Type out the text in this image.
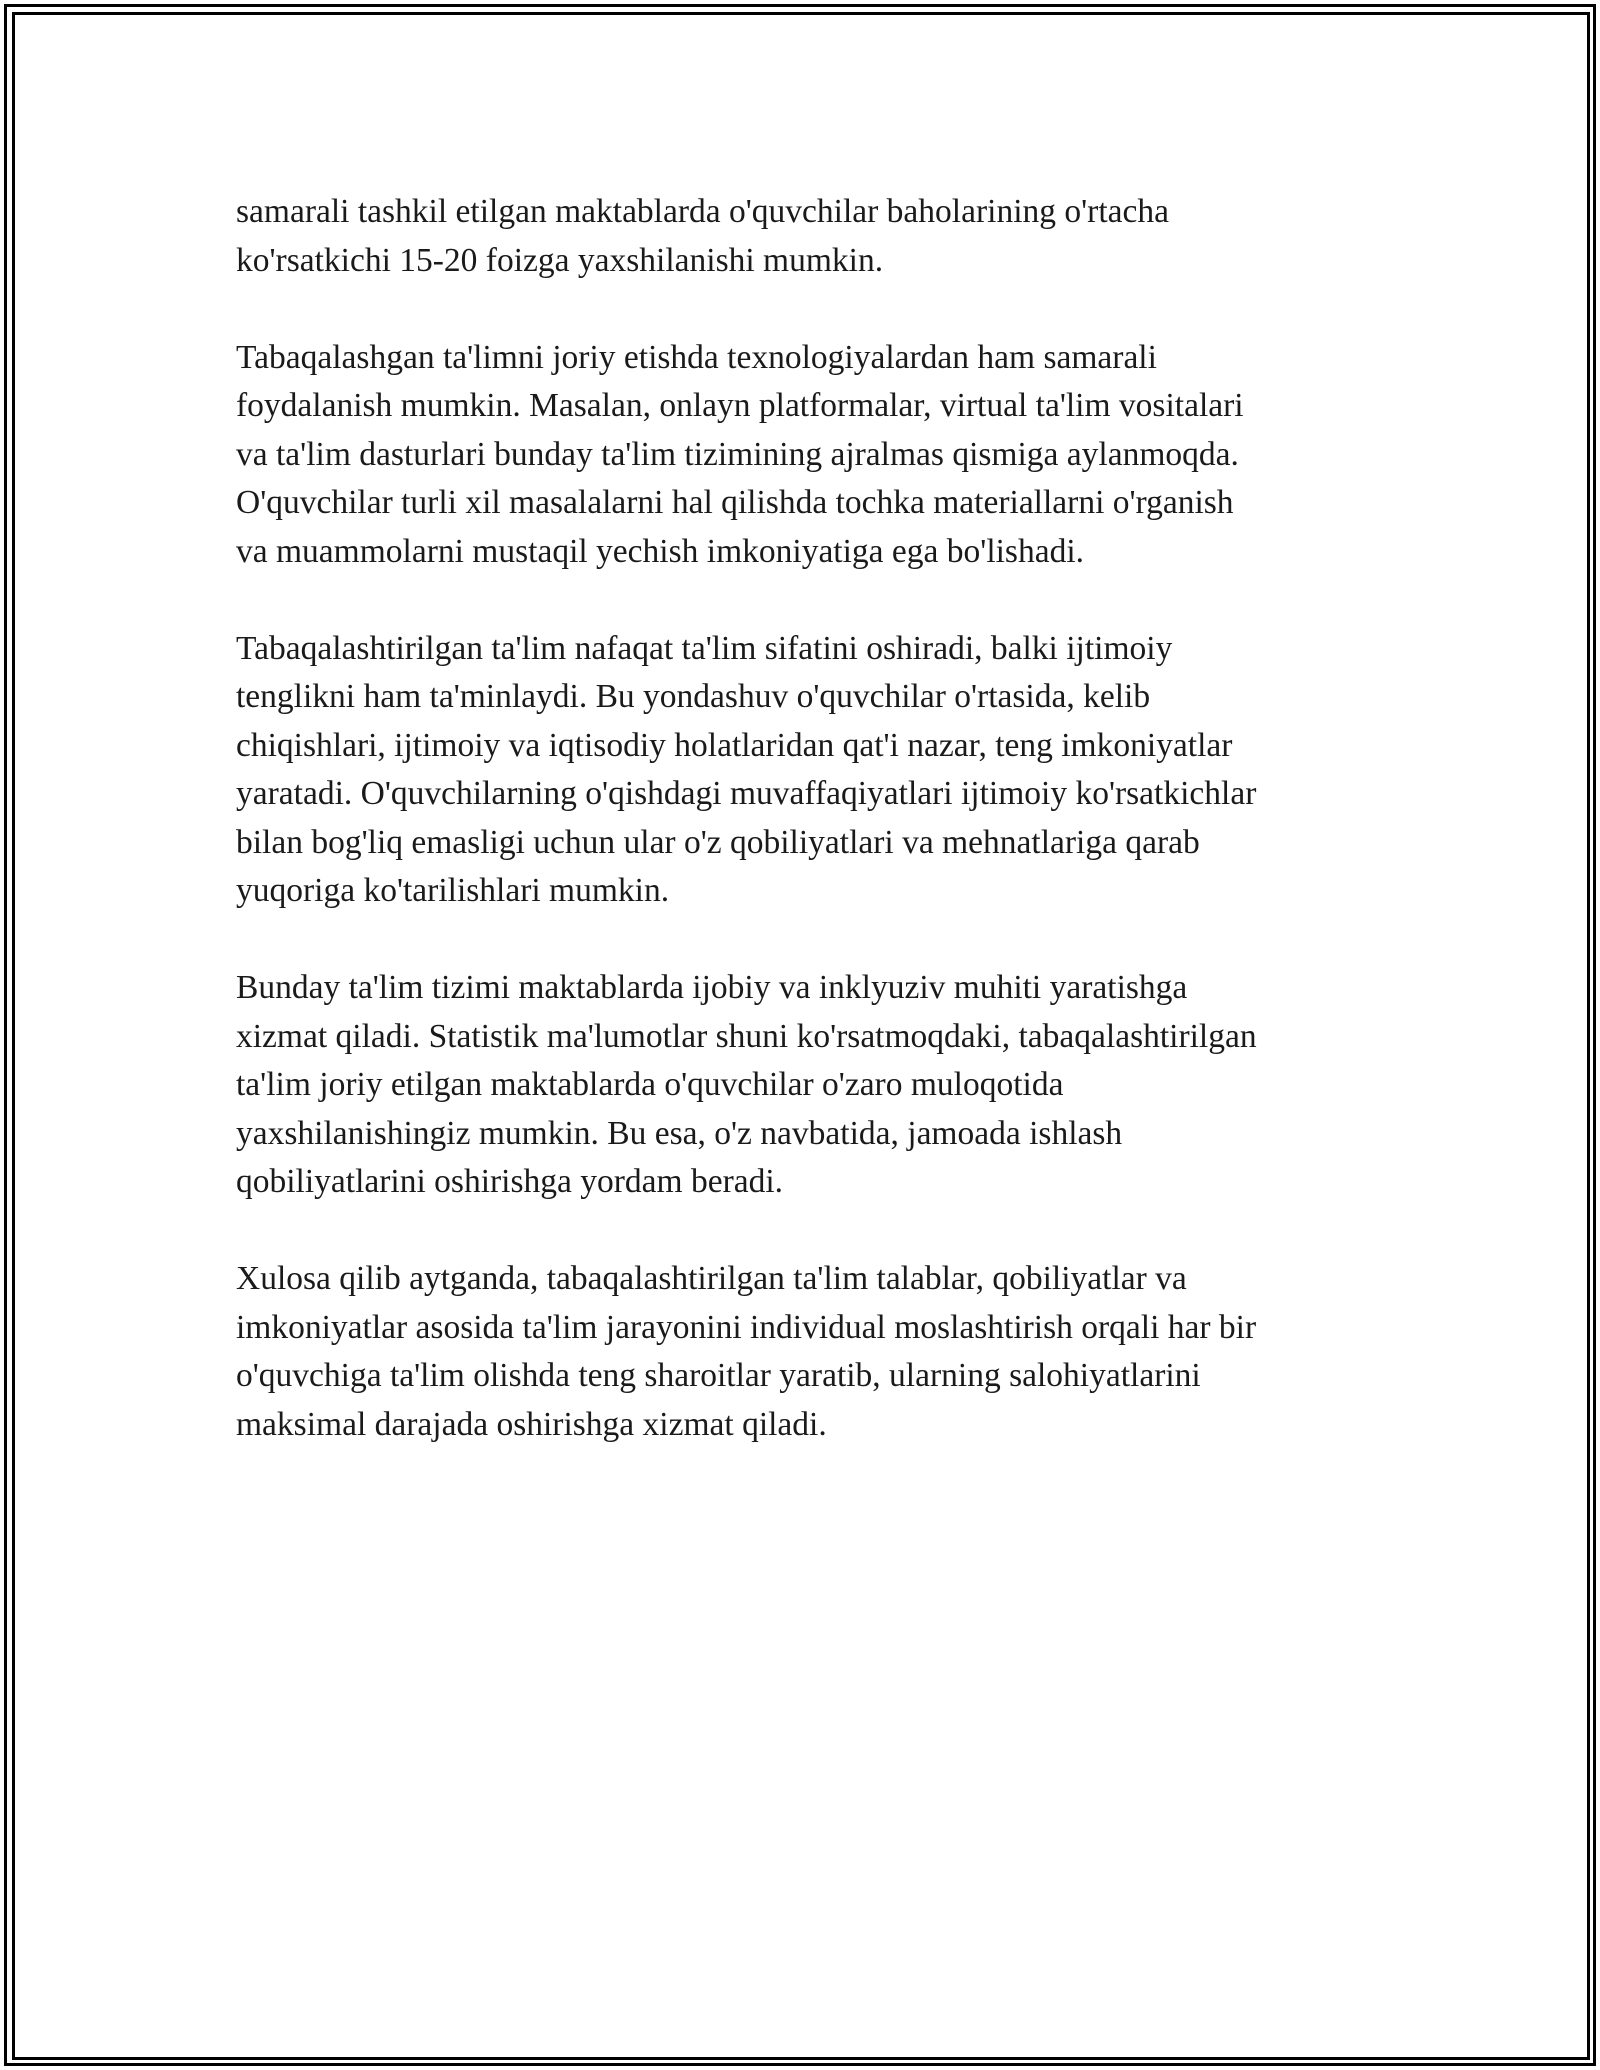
samarali tashkil etilgan maktablarda o'quvchilar baholarining o'rtacha
ko'rsatkichi 15-20 foizga yaxshilanishi mumkin.

Tabaqalashgan ta'limni joriy etishda texnologiyalardan ham samarali
foydalanish mumkin. Masalan, onlayn platformalar, virtual ta'lim vositalari
va ta'lim dasturlari bunday ta'lim tizimining ajralmas qismiga aylanmoqda.
O'quvchilar turli xil masalalarni hal qilishda tochka materiallarni o'rganish
va muammolarni mustaqil yechish imkoniyatiga ega bo'lishadi.

Tabaqalashtirilgan ta'lim nafaqat ta'lim sifatini oshiradi, balki ijtimoiy
tenglikni ham ta'minlaydi. Bu yondashuv o'quvchilar o'rtasida, kelib
chiqishlari, ijtimoiy va iqtisodiy holatlaridan qat'i nazar, teng imkoniyatlar
yaratadi. O'quvchilarning o'qishdagi muvaffaqiyatlari ijtimoiy ko'rsatkichlar
bilan bog'liq emasligi uchun ular o'z qobiliyatlari va mehnatlariga qarab
yuqoriga ko'tarilishlari mumkin.

Bunday ta'lim tizimi maktablarda ijobiy va inklyuziv muhiti yaratishga
xizmat qiladi. Statistik ma'lumotlar shuni ko'rsatmoqdaki, tabaqalashtirilgan
ta'lim joriy etilgan maktablarda o'quvchilar o'zaro muloqotida
yaxshilanishingiz mumkin. Bu esa, o'z navbatida, jamoada ishlash
qobiliyatlarini oshirishga yordam beradi.

Xulosa qilib aytganda, tabaqalashtirilgan ta'lim talablar, qobiliyatlar va
imkoniyatlar asosida ta'lim jarayonini individual moslashtirish orqali har bir
o'quvchiga ta'lim olishda teng sharoitlar yaratib, ularning salohiyatlarini
maksimal darajada oshirishga xizmat qiladi.
